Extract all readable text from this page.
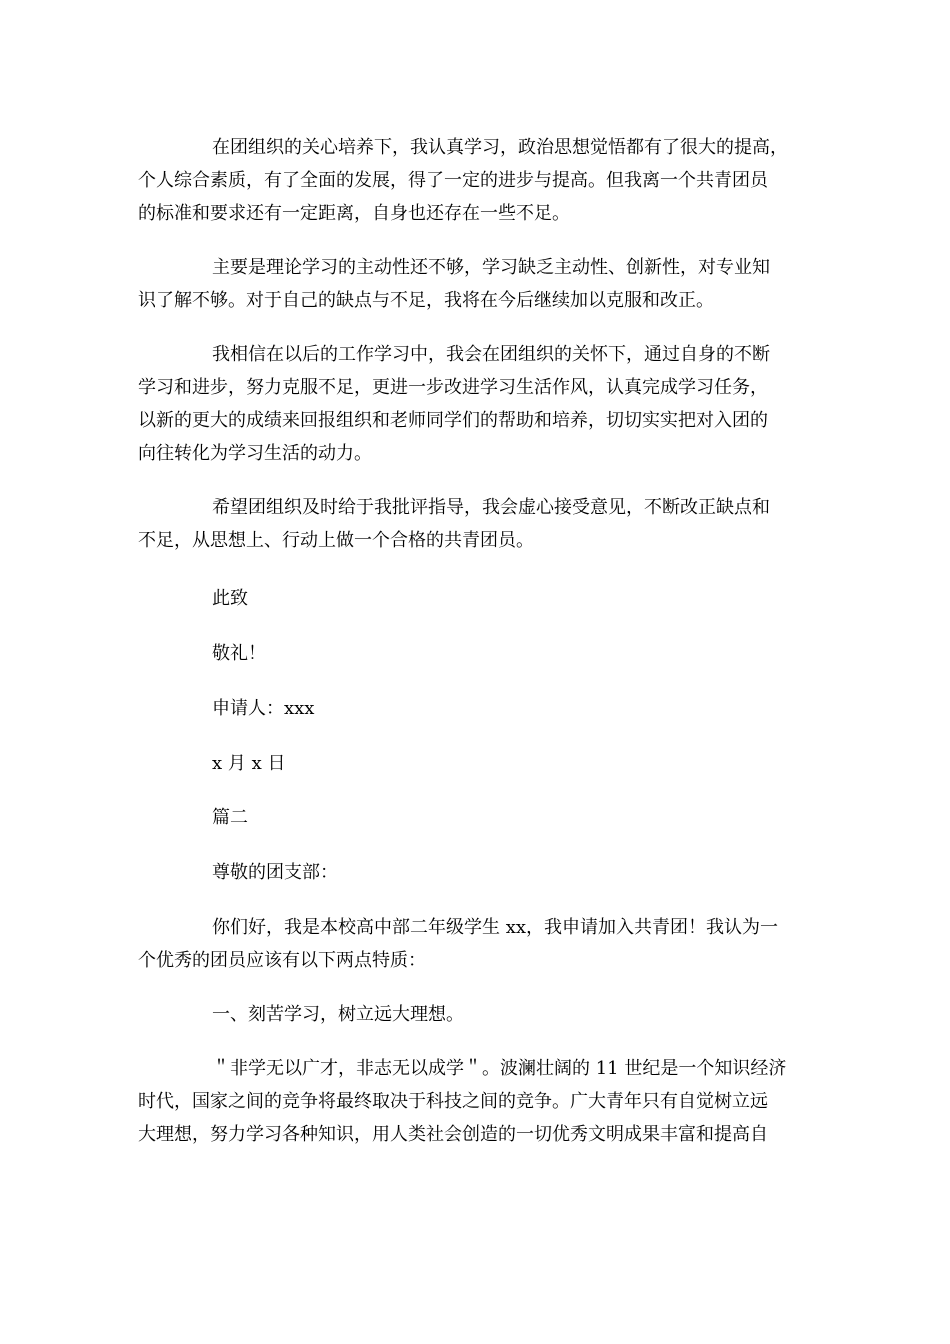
在团组织的关心培养下，我认真学习，政治思想觉悟都有了很大的提高，
个人综合素质，有了全面的发展，得了一定的进步与提高。但我离一个共青团员
的标准和要求还有一定距离，自身也还存在一些不足。

主要是理论学习的主动性还不够，学习缺乏主动性、创新性，对专业知
识了解不够。对于自己的缺点与不足，我将在今后继续加以克服和改正。

我相信在以后的工作学习中，我会在团组织的关怀下，通过自身的不断
学习和进步，努力克服不足，更进一步改进学习生活作风，认真完成学习任务，
以新的更大的成绩来回报组织和老师同学们的帮助和培养，切切实实把对入团的
向往转化为学习生活的动力。

希望团组织及时给于我批评指导，我会虚心接受意见，不断改正缺点和
不足，从思想上、行动上做一个合格的共青团员。

此致

敬礼！

申请人：xxx

x 月 x 日

篇二

尊敬的团支部：

你们好，我是本校高中部二年级学生 xx，我申请加入共青团！我认为一
个优秀的团员应该有以下两点特质：

一、刻苦学习，树立远大理想。

＂非学无以广才，非志无以成学＂。波澜壮阔的 11 世纪是一个知识经济
时代，国家之间的竞争将最终取决于科技之间的竞争。广大青年只有自觉树立远
大理想，努力学习各种知识，用人类社会创造的一切优秀文明成果丰富和提高自
